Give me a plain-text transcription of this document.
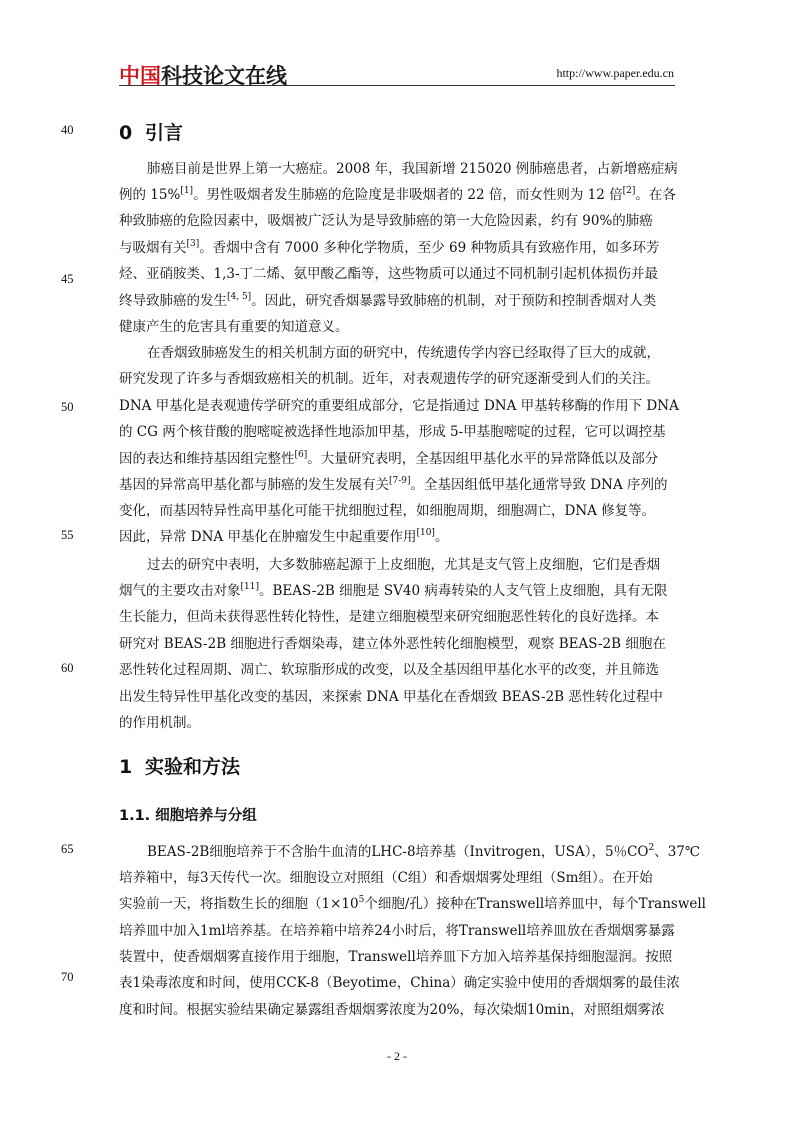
中国科技论文在线	http://www.paper.edu.cn
40
45
50
55
60
65
70
0 引言
肺癌目前是世界上第一大癌症。2008 年，我国新增 215020 例肺癌患者，占新增癌症病
例的 15%[1]。男性吸烟者发生肺癌的危险度是非吸烟者的 22 倍，而女性则为 12 倍[2]。在各
种致肺癌的危险因素中，吸烟被广泛认为是导致肺癌的第一大危险因素，约有 90%的肺癌
与吸烟有关[3]。香烟中含有 7000 多种化学物质，至少 69 种物质具有致癌作用，如多环芳
烃、亚硝胺类、1,3-丁二烯、氨甲酸乙酯等，这些物质可以通过不同机制引起机体损伤并最
终导致肺癌的发生[4, 5]。因此，研究香烟暴露导致肺癌的机制，对于预防和控制香烟对人类
健康产生的危害具有重要的知道意义。
在香烟致肺癌发生的相关机制方面的研究中，传统遗传学内容已经取得了巨大的成就，
研究发现了许多与香烟致癌相关的机制。近年，对表观遗传学的研究逐渐受到人们的关注。
DNA 甲基化是表观遗传学研究的重要组成部分，它是指通过 DNA 甲基转移酶的作用下 DNA
的 CG 两个核苷酸的胞嘧啶被选择性地添加甲基，形成 5-甲基胞嘧啶的过程，它可以调控基
因的表达和维持基因组完整性[6]。大量研究表明，全基因组甲基化水平的异常降低以及部分
基因的异常高甲基化都与肺癌的发生发展有关[7-9]。全基因组低甲基化通常导致 DNA 序列的
变化，而基因特异性高甲基化可能干扰细胞过程，如细胞周期，细胞凋亡，DNA 修复等。
因此，异常 DNA 甲基化在肿瘤发生中起重要作用[10]。
过去的研究中表明，大多数肺癌起源于上皮细胞，尤其是支气管上皮细胞，它们是香烟
烟气的主要攻击对象[11]。BEAS-2B 细胞是 SV40 病毒转染的人支气管上皮细胞，具有无限
生长能力，但尚未获得恶性转化特性，是建立细胞模型来研究细胞恶性转化的良好选择。本
研究对 BEAS-2B 细胞进行香烟染毒，建立体外恶性转化细胞模型，观察 BEAS-2B 细胞在
恶性转化过程周期、凋亡、软琼脂形成的改变，以及全基因组甲基化水平的改变，并且筛选
出发生特异性甲基化改变的基因，来探索 DNA 甲基化在香烟致 BEAS-2B 恶性转化过程中
的作用机制。
1 实验和方法
1.1. 细胞培养与分组
BEAS-2B细胞培养于不含胎牛血清的LHC-8培养基（Invitrogen，USA），5％$CO^2$、37℃
培养箱中，每3天传代一次。细胞设立对照组（C组）和香烟烟雾处理组（Sm组）。在开始
实验前一天，将指数生长的细胞（$1\times 10^5$个细胞/孔）接种在Transwell培养皿中，每个Transwell
培养皿中加入1ml培养基。在培养箱中培养24小时后，将Transwell培养皿放在香烟烟雾暴露
装置中，使香烟烟雾直接作用于细胞，Transwell培养皿下方加入培养基保持细胞湿润。按照
表1染毒浓度和时间，使用CCK-8（Beyotime，China）确定实验中使用的香烟烟雾的最佳浓
度和时间。根据实验结果确定暴露组香烟烟雾浓度为20%，每次染烟10min，对照组烟雾浓
- 2 -
